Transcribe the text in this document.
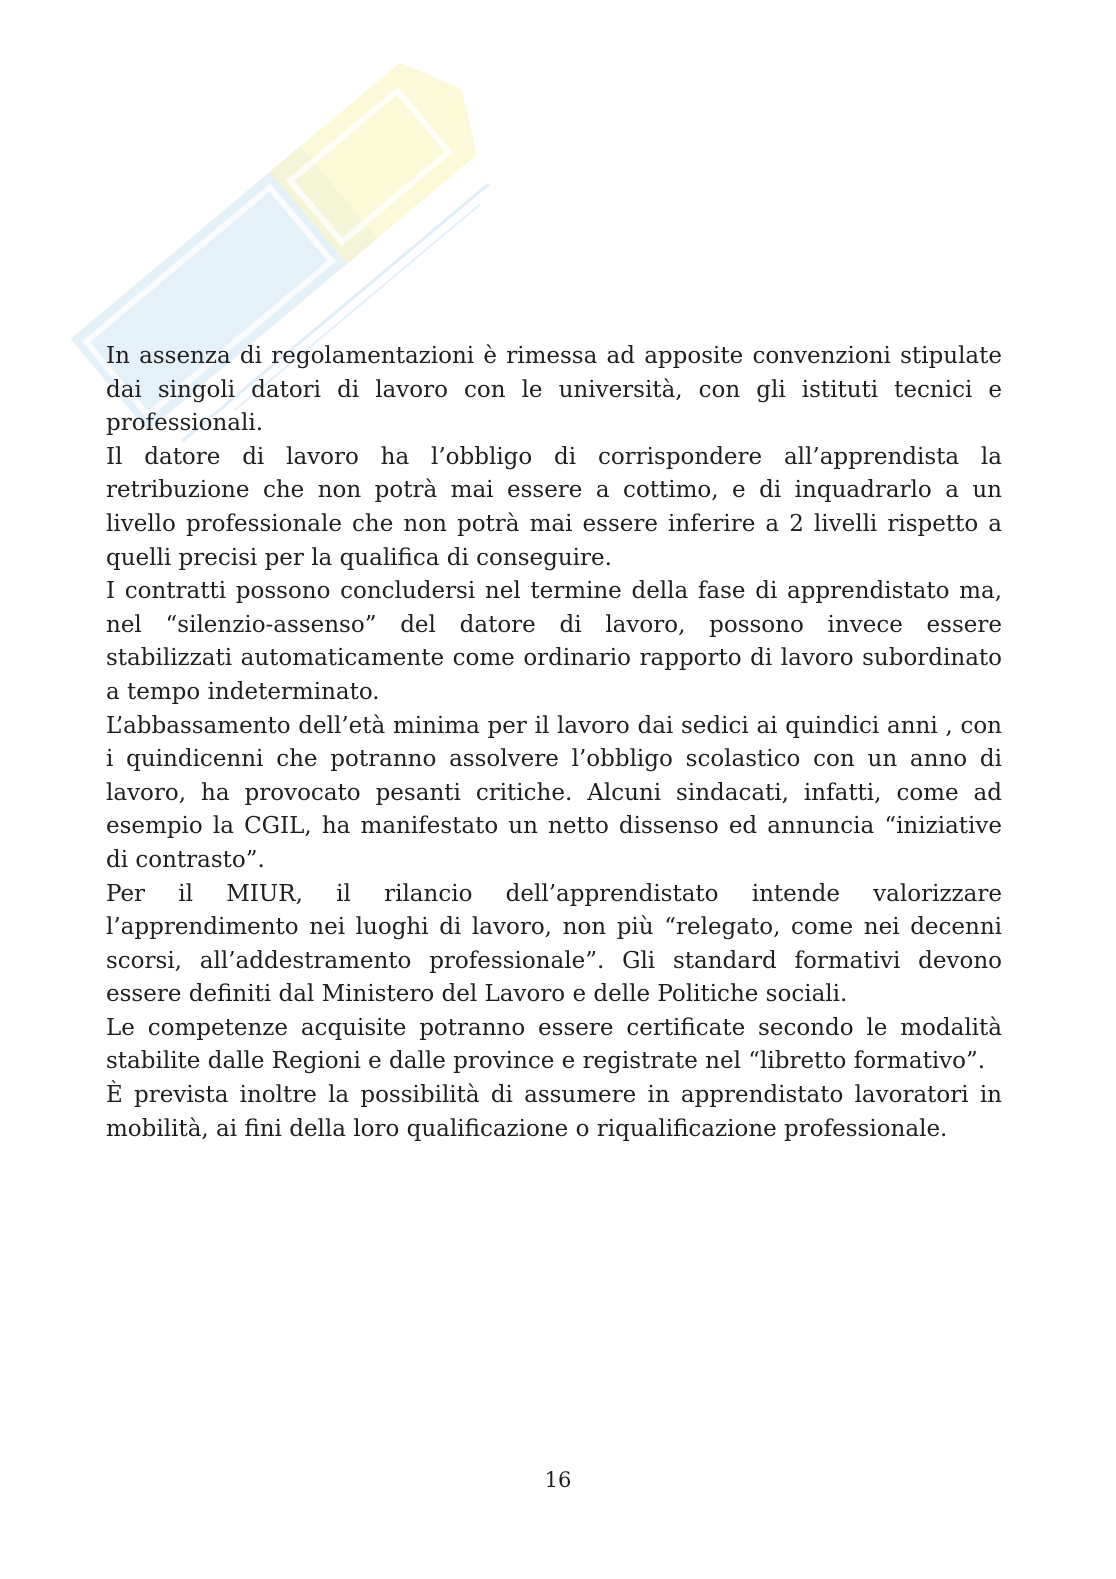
In assenza di regolamentazioni è rimessa ad apposite convenzioni stipulate dai singoli datori di lavoro con le università, con gli istituti tecnici e professionali.

Il datore di lavoro ha l’obbligo di corrispondere all’apprendista la retribuzione che non potrà mai essere a cottimo, e di inquadrarlo a un livello professionale che non potrà mai essere inferire a 2 livelli rispetto a quelli precisi per la qualifica di conseguire.

I contratti possono concludersi nel termine della fase di apprendistato ma, nel “silenzio-assenso” del datore di lavoro, possono invece essere stabilizzati automaticamente come ordinario rapporto di lavoro subordinato a tempo indeterminato.

L’abbassamento dell’età minima per il lavoro dai sedici ai quindici anni , con i quindicenni che potranno assolvere l’obbligo scolastico con un anno di lavoro, ha provocato pesanti critiche. Alcuni sindacati, infatti, come ad esempio la CGIL, ha manifestato un netto dissenso ed annuncia “iniziative di contrasto”.

Per il MIUR, il rilancio dell’apprendistato intende valorizzare l’apprendimento nei luoghi di lavoro, non più “relegato, come nei decenni scorsi, all’addestramento professionale”. Gli standard formativi devono essere definiti dal Ministero del Lavoro e delle Politiche sociali.

Le competenze acquisite potranno essere certificate secondo le modalità stabilite dalle Regioni e dalle province e registrate nel “libretto formativo”.

È prevista inoltre la possibilità di assumere in apprendistato lavoratori in mobilità, ai fini della loro qualificazione o riqualificazione professionale.

16
